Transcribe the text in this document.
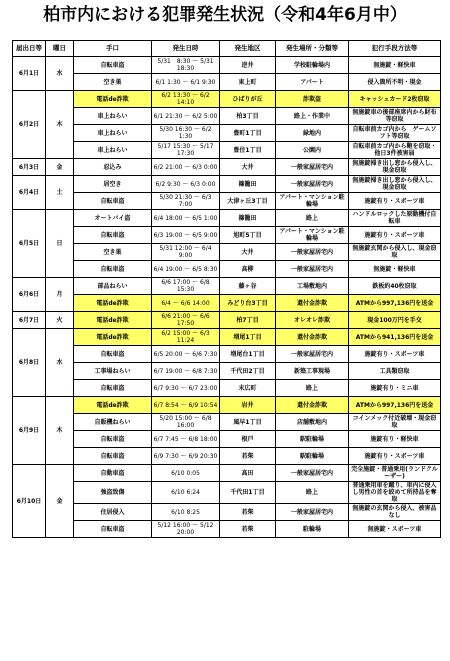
柏市内における犯罪発生状況（令和4年6月中）
届出日等	曜日	手口	発生日時	発生地区	発生場所・分類等	犯行手段方法等
6月1日	水	自転車盗	5/31　8:30 ～ 5/31 18:30	逆井	学校駐輪場内	無施錠・軽快車
		空き巣	6/1 1:30 ～ 6/1 9:30	東上町	アパート	侵入箇所不明・現金
6月2日	木	電話de詐欺	6/2 13:30 ～ 6/2 14:10	ひばりが丘	詐欺盗	キャッシュカード2枚窃取
		車上ねらい	6/1 21:30 ～ 6/2 5:00	柏3丁目	路上・作業中	無施錠車の後部座席内から財布等窃取
		車上ねらい	5/30 16:30 ～ 6/2 1:30	豊町1丁目	緑地内	自転車前カゴ内から　ゲームソフト等窃取
		車上ねらい	5/17 15:30 ～ 5/17 17:30	豊住1丁目	公園内	自転車前カゴ内から鞄を窃取・他日3件被害届
6月3日	金	忍込み	6/2 21:00 ～ 6/3 0:00	大井	一般家屋居宅内	無施錠掃き出し窓から侵入し、現金窃取
6月4日	土	居空き	6/2 9:30 ～ 6/3 0:00	篠籠田	一般家屋居宅内	無施錠掃き出し窓から侵入し、現金窃取
		自転車盗	5/30 21:30 ～ 6/3 7:00	大津ヶ丘3丁目	アパート・マンション駐輪場	施錠有り・スポーツ車
6月5日	日	オートバイ盗	6/4 18:00 ～ 6/5 1:00	篠籠田	路上	ハンドルロックした原動機付自転車
		自転車盗	6/3 19:00 ～ 6/5 9:00	旭町5丁目	アパート・マンション駐輪場	施錠有り・スポーツ車
		空き巣	5/31 12:00 ～ 6/4 9:00	大井	一般家屋居宅内	無施錠玄関から侵入し、現金窃取
		自転車盗	6/4 19:00 ～ 6/5 8:30	高柳	一般家屋居宅内	無施錠・軽快車
6月6日	月	部品ねらい	6/6 17:00 ～ 6/8 15:30	藤ヶ谷	工場敷地内	鉄板約40枚窃取
		電話de詐欺	6/4 ～ 6/6 14:00	みどり台3丁目	還付金詐欺	ATMから997,136円を送金
6月7日	火	電話de詐欺	6/6 21:00 ～ 6/6 17:50	柏7丁目	オレオレ詐欺	現金100万円を手交
6月8日	水	電話de詐欺	6/2 15:00 ～ 6/3 11:24	増尾1丁目	還付金詐欺	ATMから941,136円を送金
		自転車盗	6/5 20:00 ～ 6/6 7:30	増尾台1丁目	一般家屋居宅内	施錠有り・スポーツ車
		工事場ねらい	6/7 19:00 ～ 6/8 7:30	千代田2丁目	新築工事現場	工具類窃取
		自転車盗	6/7 9:30 ～ 6/7 23:00	末広町	路上	施錠有り・ミニ車
6月9日	木	電話de詐欺	6/7 8:54 ～ 6/9 10:54	岩井	還付金詐欺	ATMから997,136円を送金
		自販機ねらい	5/20 15:00 ～ 6/8 16:00	風早1丁目	店舗敷地内	コインメック付近破壊・現金窃取
		自転車盗	6/7 7:45 ～ 6/8 18:00	根戸	駅駐輪場	施錠有り・軽快車
		自転車盗	6/9 7:30 ～ 6/9 20:30	若柴	駅駐輪場	施錠有り・スポーツ車
6月10日	金	自動車盗	6/10 0:05	高田	一般家屋居宅内	完全施錠・普通乗用(ランドクルーザー)
		強盗致傷	6/10 6:24	千代田1丁目	路上	普通乗用車を蹴り、車内に侵入し男性の首を絞めて所持品を奪取
		住居侵入	6/10 8:25	若柴	一般家屋居宅内	無施錠の玄関から侵入、被害品なし
		自転車盗	5/12 16:00 ～ 5/12 20:00	若柴	駐輪場	無施錠・スポーツ車
